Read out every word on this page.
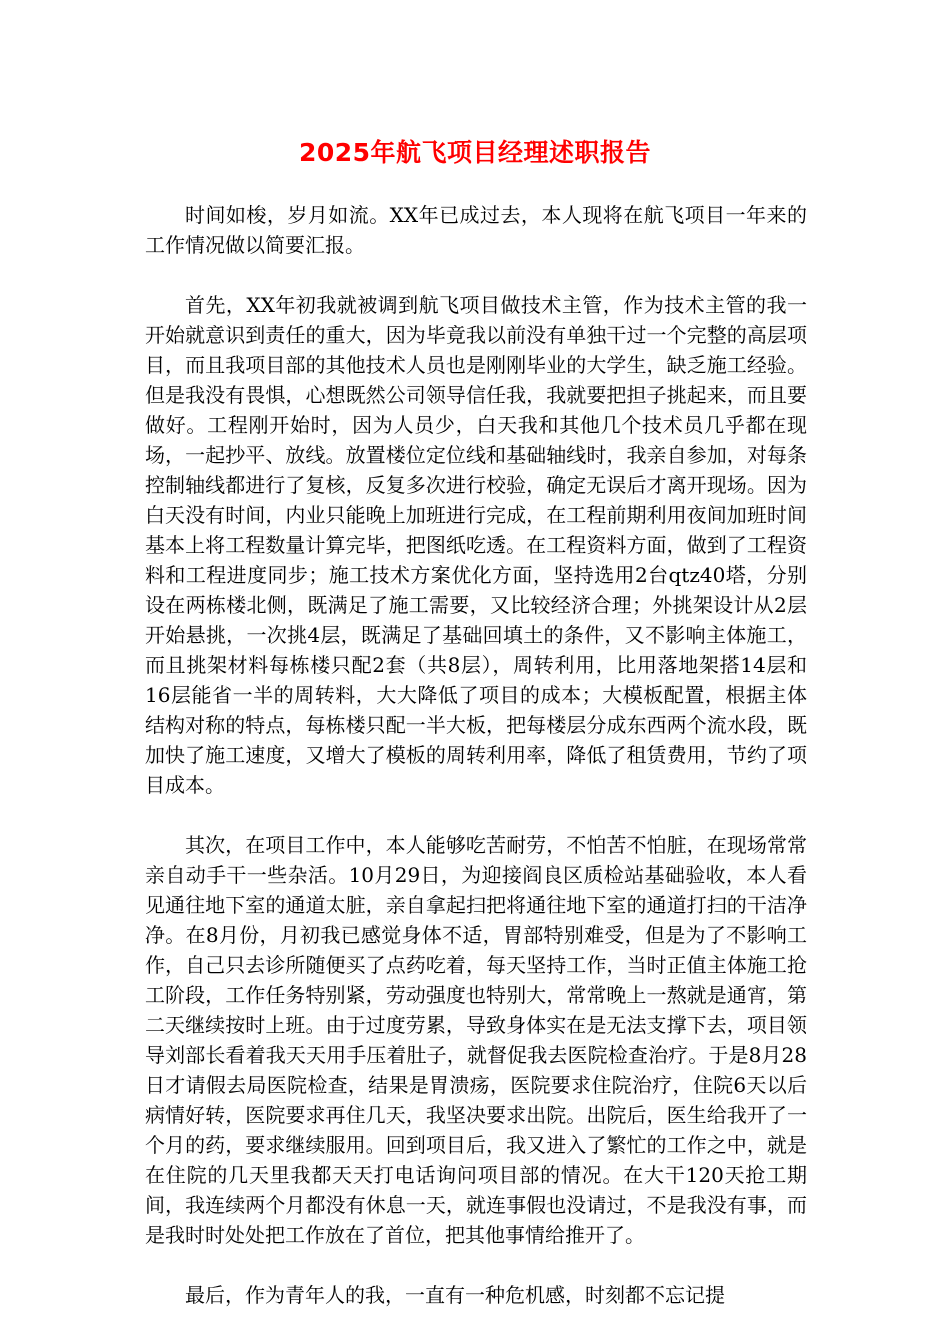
2025年航飞项目经理述职报告

时间如梭，岁月如流。XX年已成过去，本人现将在航飞项目一年来的工作情况做以简要汇报。

首先，XX年初我就被调到航飞项目做技术主管，作为技术主管的我一开始就意识到责任的重大，因为毕竟我以前没有单独干过一个完整的高层项目，而且我项目部的其他技术人员也是刚刚毕业的大学生，缺乏施工经验。但是我没有畏惧，心想既然公司领导信任我，我就要把担子挑起来，而且要做好。工程刚开始时，因为人员少，白天我和其他几个技术员几乎都在现场，一起抄平、放线。放置楼位定位线和基础轴线时，我亲自参加，对每条控制轴线都进行了复核，反复多次进行校验，确定无误后才离开现场。因为白天没有时间，内业只能晚上加班进行完成，在工程前期利用夜间加班时间基本上将工程数量计算完毕，把图纸吃透。在工程资料方面，做到了工程资料和工程进度同步；施工技术方案优化方面，坚持选用2台qtz40塔，分别设在两栋楼北侧，既满足了施工需要，又比较经济合理；外挑架设计从2层开始悬挑，一次挑4层，既满足了基础回填土的条件，又不影响主体施工，而且挑架材料每栋楼只配2套（共8层），周转利用，比用落地架搭14层和16层能省一半的周转料，大大降低了项目的成本；大模板配置，根据主体结构对称的特点，每栋楼只配一半大板，把每楼层分成东西两个流水段，既加快了施工速度，又增大了模板的周转利用率，降低了租赁费用，节约了项目成本。

其次，在项目工作中，本人能够吃苦耐劳，不怕苦不怕脏，在现场常常亲自动手干一些杂活。10月29日，为迎接阎良区质检站基础验收，本人看见通往地下室的通道太脏，亲自拿起扫把将通往地下室的通道打扫的干洁净净。在8月份，月初我已感觉身体不适，胃部特别难受，但是为了不影响工作，自己只去诊所随便买了点药吃着，每天坚持工作，当时正值主体施工抢工阶段，工作任务特别紧，劳动强度也特别大，常常晚上一熬就是通宵，第二天继续按时上班。由于过度劳累，导致身体实在是无法支撑下去，项目领导刘部长看着我天天用手压着肚子，就督促我去医院检查治疗。于是8月28日才请假去局医院检查，结果是胃溃疡，医院要求住院治疗，住院6天以后病情好转，医院要求再住几天，我坚决要求出院。出院后，医生给我开了一个月的药，要求继续服用。回到项目后，我又进入了繁忙的工作之中，就是在住院的几天里我都天天打电话询问项目部的情况。在大干120天抢工期间，我连续两个月都没有休息一天，就连事假也没请过，不是我没有事，而是我时时处处把工作放在了首位，把其他事情给推开了。

最后，作为青年人的我，一直有一种危机感，时刻都不忘记提
